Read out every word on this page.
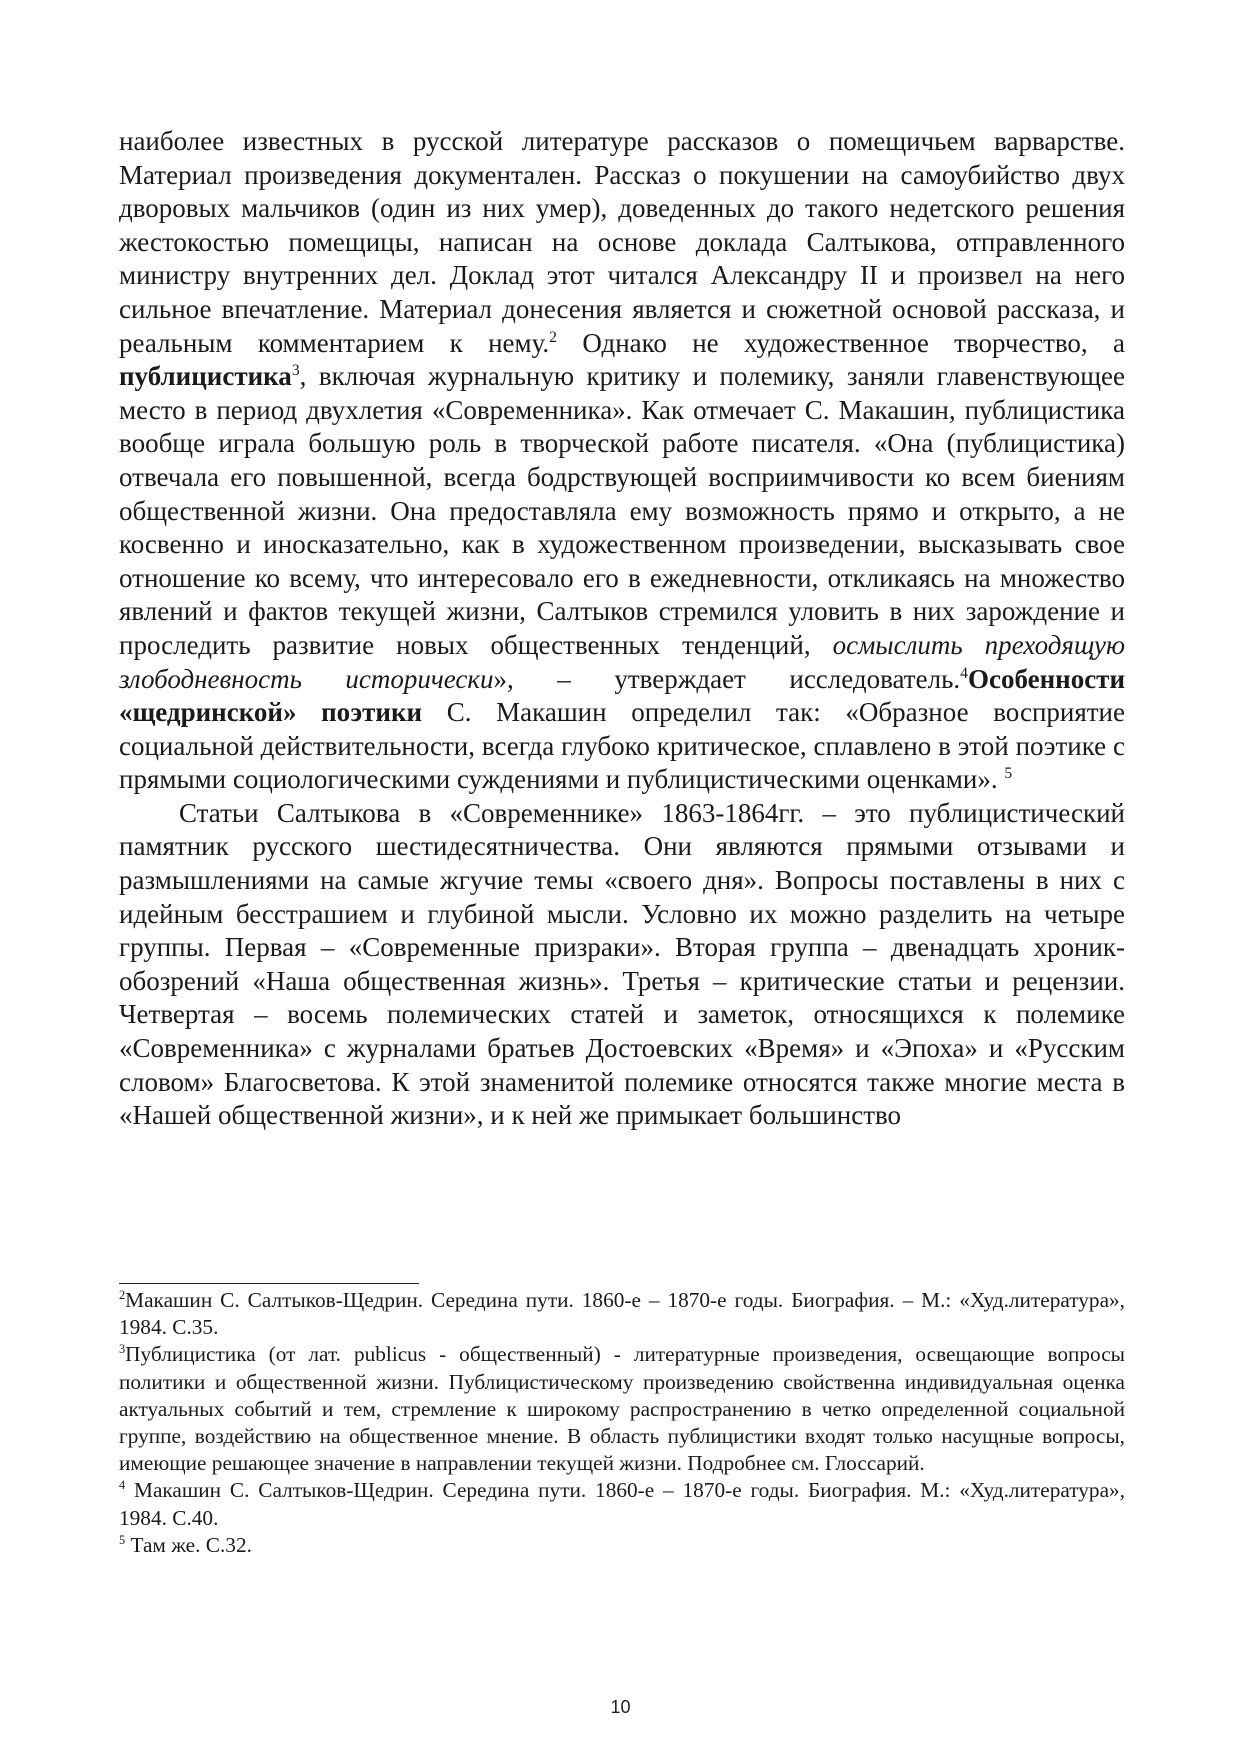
наиболее известных в русской литературе рассказов о помещичьем варварстве. Материал произведения документален. Рассказ о покушении на самоубийство двух дворовых мальчиков (один из них умер), доведенных до такого недетского решения жестокостью помещицы, написан на основе доклада Салтыкова, отправленного министру внутренних дел. Доклад этот читался Александру II и произвел на него сильное впечатление. Материал донесения является и сюжетной основой рассказа, и реальным комментарием к нему.$^2$ Однако не художественное творчество, а публицистика$^3$, включая журнальную критику и полемику, заняли главенствующее место в период двухлетия «Современника». Как отмечает С. Макашин, публицистика вообще играла большую роль в творческой работе писателя. «Она (публицистика) отвечала его повышенной, всегда бодрствующей восприимчивости ко всем биениям общественной жизни. Она предоставляла ему возможность прямо и открыто, а не косвенно и иносказательно, как в художественном произведении, высказывать свое отношение ко всему, что интересовало его в ежедневности, откликаясь на множество явлений и фактов текущей жизни, Салтыков стремился уловить в них зарождение и проследить развитие новых общественных тенденций, осмыслить преходящую злободневность исторически», – утверждает исследователь.$^4$Особенности «щедринской» поэтики С. Макашин определил так: «Образное восприятие социальной действительности, всегда глубоко критическое, сплавлено в этой поэтике с прямыми социологическими суждениями и публицистическими оценками». $^5$

Статьи Салтыкова в «Современнике» 1863-1864гг. – это публицистический памятник русского шестидесятничества. Они являются прямыми отзывами и размышлениями на самые жгучие темы «своего дня». Вопросы поставлены в них с идейным бесстрашием и глубиной мысли. Условно их можно разделить на четыре группы. Первая – «Современные призраки». Вторая группа – двенадцать хроник-обозрений «Наша общественная жизнь». Третья – критические статьи и рецензии. Четвертая – восемь полемических статей и заметок, относящихся к полемике «Современника» с журналами братьев Достоевских «Время» и «Эпоха» и «Русским словом» Благосветова. К этой знаменитой полемике относятся также многие места в «Нашей общественной жизни», и к ней же примыкает большинство

$^2$Макашин С. Салтыков-Щедрин. Середина пути. 1860-е – 1870-е годы. Биография. – М.: «Худ.литература», 1984. С.35.

$^3$Публицистика (от лат. publicus - общественный) - литературные произведения, освещающие вопросы политики и общественной жизни. Публицистическому произведению свойственна индивидуальная оценка актуальных событий и тем, стремление к широкому распространению в четко определенной социальной группе, воздействию на общественное мнение. В область публицистики входят только насущные вопросы, имеющие решающее значение в направлении текущей жизни. Подробнее см. Глоссарий.

$^4$ Макашин С. Салтыков-Щедрин. Середина пути. 1860-е – 1870-е годы. Биография. М.: «Худ.литература», 1984. С.40.

$^5$ Там же. С.32.

10
